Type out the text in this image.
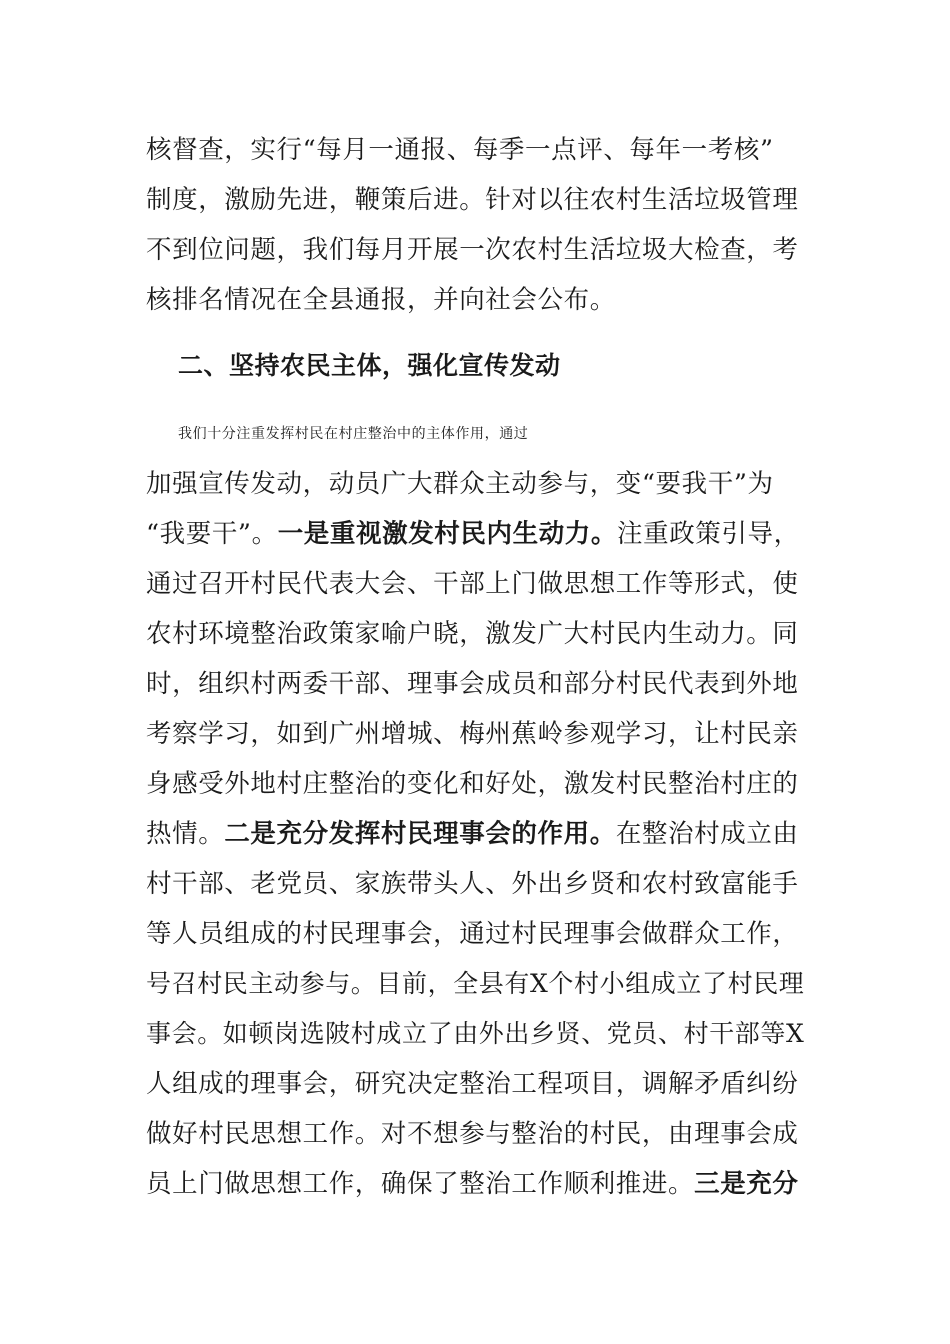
核督查，实行“每月一通报、每季一点评、每年一考核”
制度，激励先进，鞭策后进。针对以往农村生活垃圾管理
不到位问题，我们每月开展一次农村生活垃圾大检查，考
核排名情况在全县通报，并向社会公布。
二、坚持农民主体，强化宣传发动
我们十分注重发挥村民在村庄整治中的主体作用，通过
加强宣传发动，动员广大群众主动参与，变“要我干”为
“我要干”。一是重视激发村民内生动力。注重政策引导，
通过召开村民代表大会、干部上门做思想工作等形式，使
农村环境整治政策家喻户晓，激发广大村民内生动力。同
时，组织村两委干部、理事会成员和部分村民代表到外地
考察学习，如到广州增城、梅州蕉岭参观学习，让村民亲
身感受外地村庄整治的变化和好处，激发村民整治村庄的
热情。二是充分发挥村民理事会的作用。在整治村成立由
村干部、老党员、家族带头人、外出乡贤和农村致富能手
等人员组成的村民理事会，通过村民理事会做群众工作，
号召村民主动参与。目前，全县有X个村小组成立了村民理
事会。如顿岗选陂村成立了由外出乡贤、党员、村干部等X
人组成的理事会，研究决定整治工程项目，调解矛盾纠纷
做好村民思想工作。对不想参与整治的村民，由理事会成
员上门做思想工作，确保了整治工作顺利推进。三是充分
